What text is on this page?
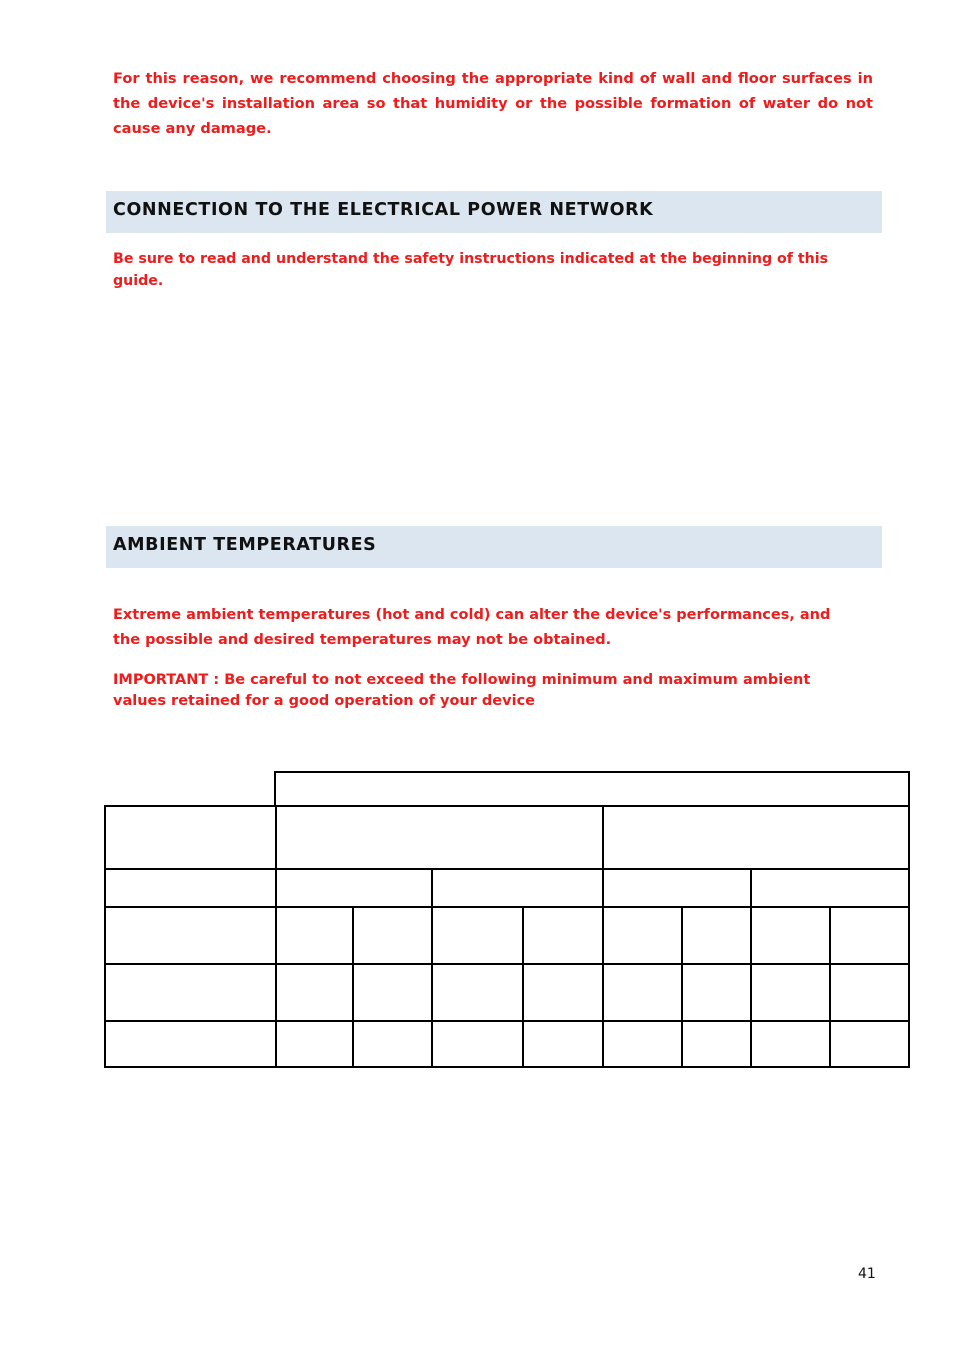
For this reason, we recommend choosing the appropriate kind of wall and floor surfaces in the device's installation area so that humidity or the possible formation of water do not cause any damage.

CONNECTION TO THE ELECTRICAL POWER NETWORK

Be sure to read and understand the safety instructions indicated at the beginning of this guide.

AMBIENT TEMPERATURES

Extreme ambient temperatures (hot and cold) can alter the device's performances, and the possible and desired temperatures may not be obtained.

IMPORTANT : Be careful to not exceed the following minimum and maximum ambient values retained for a good operation of your device

41
